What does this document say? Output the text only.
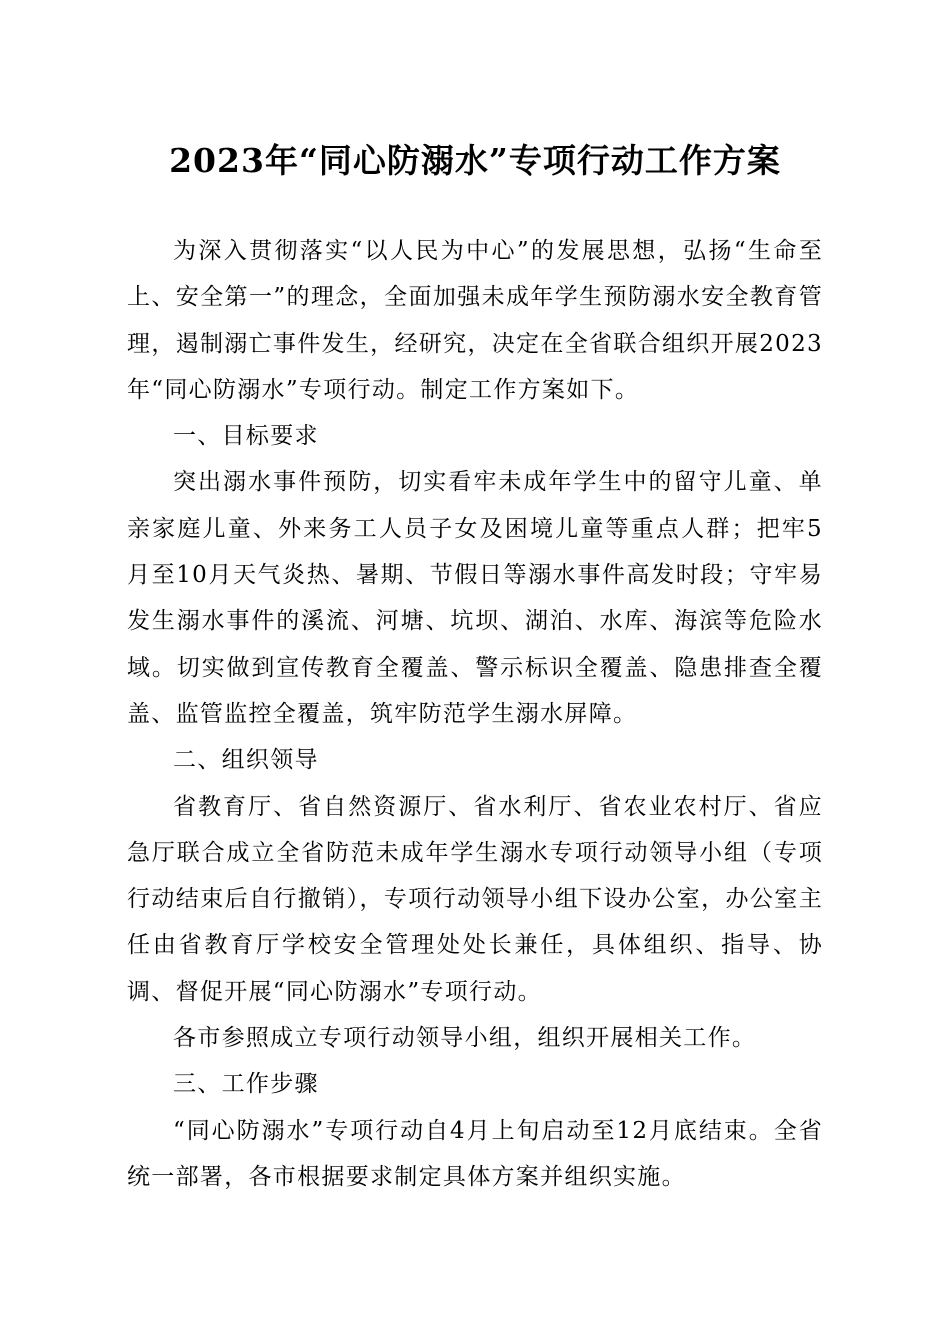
2023年“同心防溺水”专项行动工作方案

为深入贯彻落实“以人民为中心”的发展思想，弘扬“生命至上、安全第一”的理念，全面加强未成年学生预防溺水安全教育管理，遏制溺亡事件发生，经研究，决定在全省联合组织开展2023年“同心防溺水”专项行动。制定工作方案如下。

一、目标要求

突出溺水事件预防，切实看牢未成年学生中的留守儿童、单亲家庭儿童、外来务工人员子女及困境儿童等重点人群；把牢5月至10月天气炎热、暑期、节假日等溺水事件高发时段；守牢易发生溺水事件的溪流、河塘、坑坝、湖泊、水库、海滨等危险水域。切实做到宣传教育全覆盖、警示标识全覆盖、隐患排查全覆盖、监管监控全覆盖，筑牢防范学生溺水屏障。

二、组织领导

省教育厅、省自然资源厅、省水利厅、省农业农村厅、省应急厅联合成立全省防范未成年学生溺水专项行动领导小组（专项行动结束后自行撤销），专项行动领导小组下设办公室，办公室主任由省教育厅学校安全管理处处长兼任，具体组织、指导、协调、督促开展“同心防溺水”专项行动。

各市参照成立专项行动领导小组，组织开展相关工作。

三、工作步骤

“同心防溺水”专项行动自4月上旬启动至12月底结束。全省统一部署，各市根据要求制定具体方案并组织实施。
